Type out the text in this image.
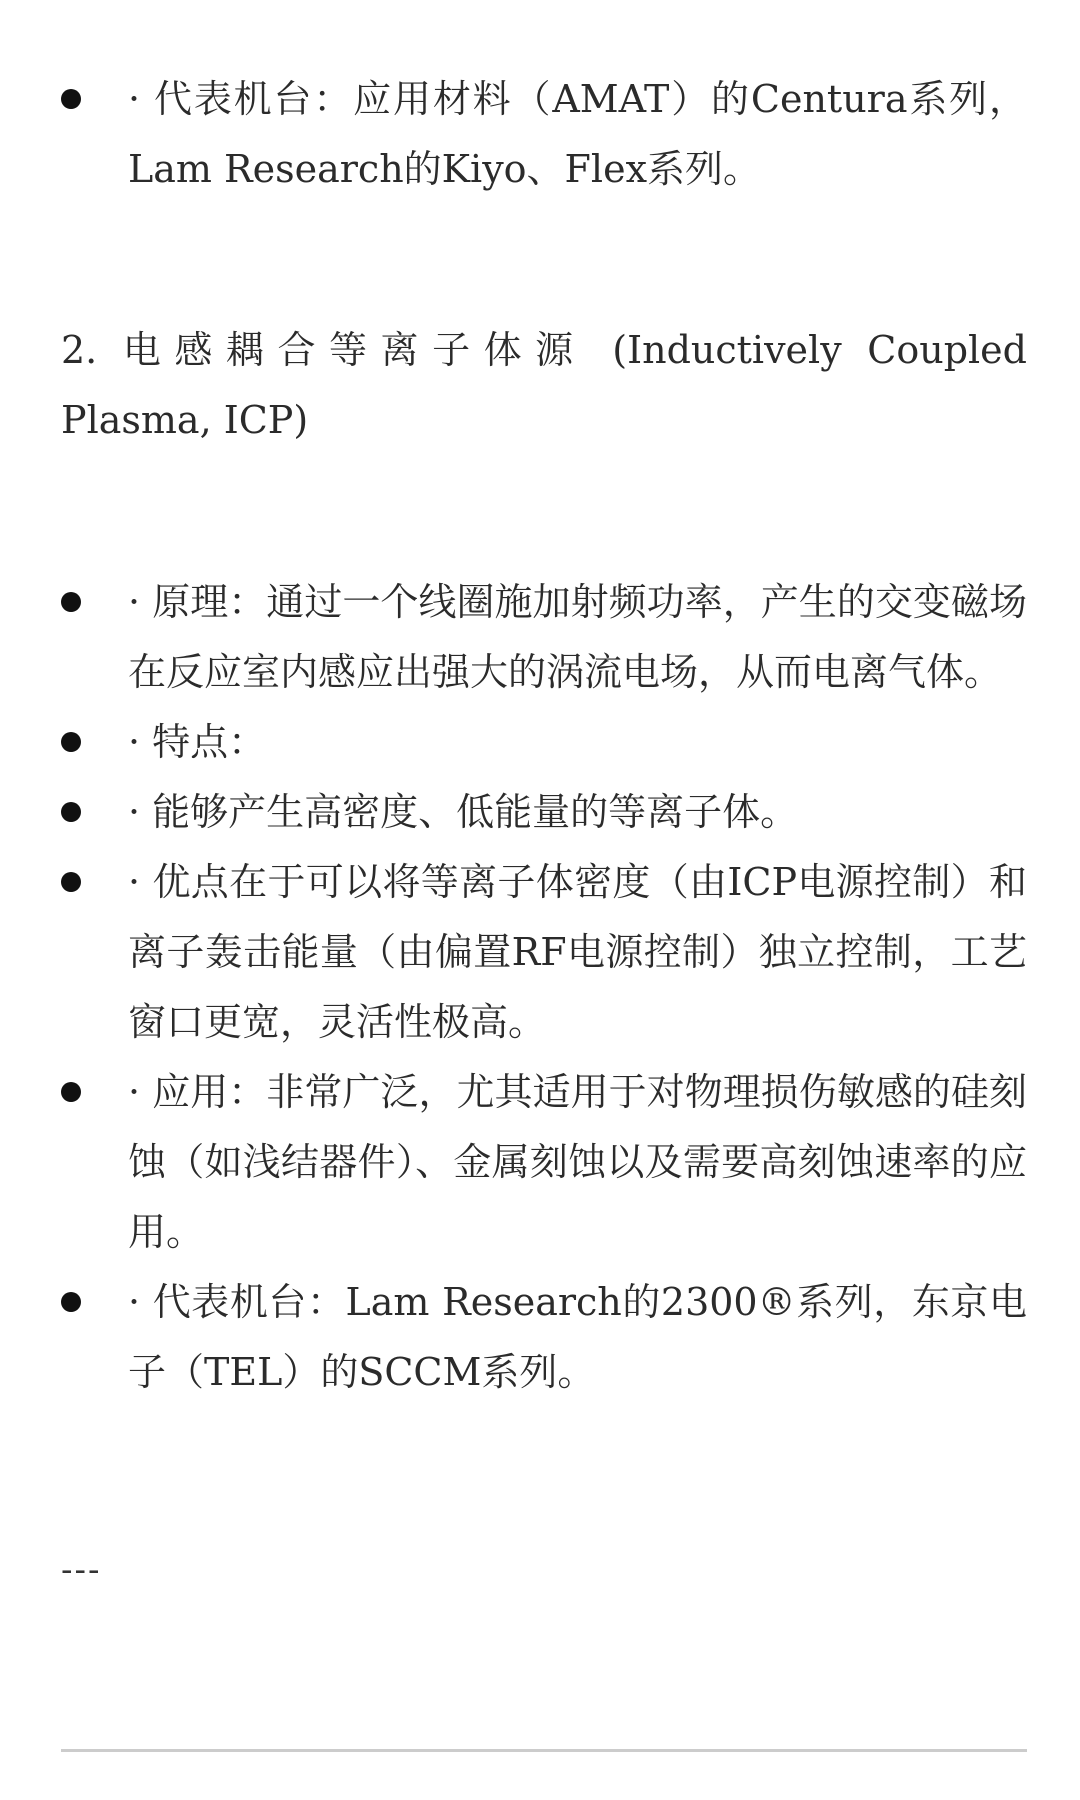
· 代表机台：应用材料（AMAT）的Centura系列，Lam Research的Kiyo、Flex系列。
2. 电感耦合等离子体源 (Inductively Coupled Plasma, ICP)
· 原理：通过一个线圈施加射频功率，产生的交变磁场在反应室内感应出强大的涡流电场，从而电离气体。
· 特点：
· 能够产生高密度、低能量的等离子体。
· 优点在于可以将等离子体密度（由ICP电源控制）和离子轰击能量（由偏置RF电源控制）独立控制，工艺窗口更宽，灵活性极高。
· 应用：非常广泛，尤其适用于对物理损伤敏感的硅刻蚀（如浅结器件）、金属刻蚀以及需要高刻蚀速率的应用。
· 代表机台：Lam Research的2300®系列，东京电子（TEL）的SCCM系列。
---
